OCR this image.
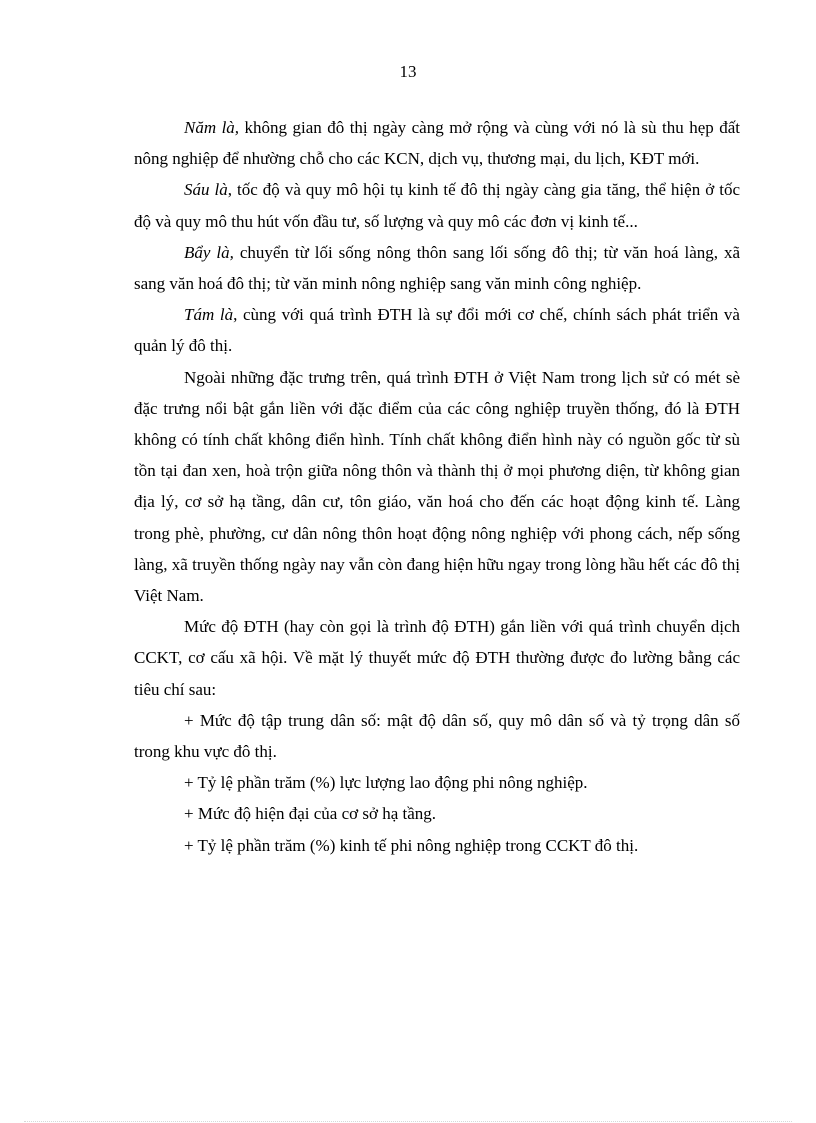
13

Năm là, không gian đô thị ngày càng mở rộng và cùng với nó là sù thu hẹp đất nông nghiệp để nhường chỗ cho các KCN, dịch vụ, thương mại, du lịch, KĐT mới.

Sáu là, tốc độ và quy mô hội tụ kinh tế đô thị ngày càng gia tăng, thể hiện ở tốc độ và quy mô thu hút vốn đầu tư, số lượng và quy mô các đơn vị kinh tế...

Bẩy là, chuyển từ lối sống nông thôn sang lối sống đô thị; từ văn hoá làng, xã sang văn hoá đô thị; từ văn minh nông nghiệp sang văn minh công nghiệp.

Tám là, cùng với quá trình ĐTH là sự đổi mới cơ chế, chính sách phát triển và quản lý đô thị.

Ngoài những đặc trưng trên, quá trình ĐTH ở Việt Nam trong lịch sử có mét sè đặc trưng nổi bật gắn liền với đặc điểm của các công nghiệp truyền thống, đó là ĐTH không có tính chất không điển hình. Tính chất không điển hình này có nguồn gốc từ sù tồn tại đan xen, hoà trộn giữa nông thôn và thành thị ở mọi phương diện, từ không gian địa lý, cơ sở hạ tầng, dân cư, tôn giáo, văn hoá cho đến các hoạt động kinh tế. Làng trong phè, phường, cư dân nông thôn hoạt động nông nghiệp với phong cách, nếp sống làng, xã truyền thống ngày nay vẫn còn đang hiện hữu ngay trong lòng hầu hết các đô thị Việt Nam.

Mức độ ĐTH (hay còn gọi là trình độ ĐTH) gắn liền với quá trình chuyển dịch CCKT, cơ cấu xã hội. Về mặt lý thuyết mức độ ĐTH thường được đo lường bằng các tiêu chí sau:

+ Mức độ tập trung dân số: mật độ dân số, quy mô dân số và tỷ trọng dân số trong khu vực đô thị.

+ Tỷ lệ phần trăm (%) lực lượng lao động phi nông nghiệp.

+ Mức độ hiện đại của cơ sở hạ tầng.

+ Tỷ lệ phần trăm (%) kinh tế phi nông nghiệp trong CCKT đô thị.
